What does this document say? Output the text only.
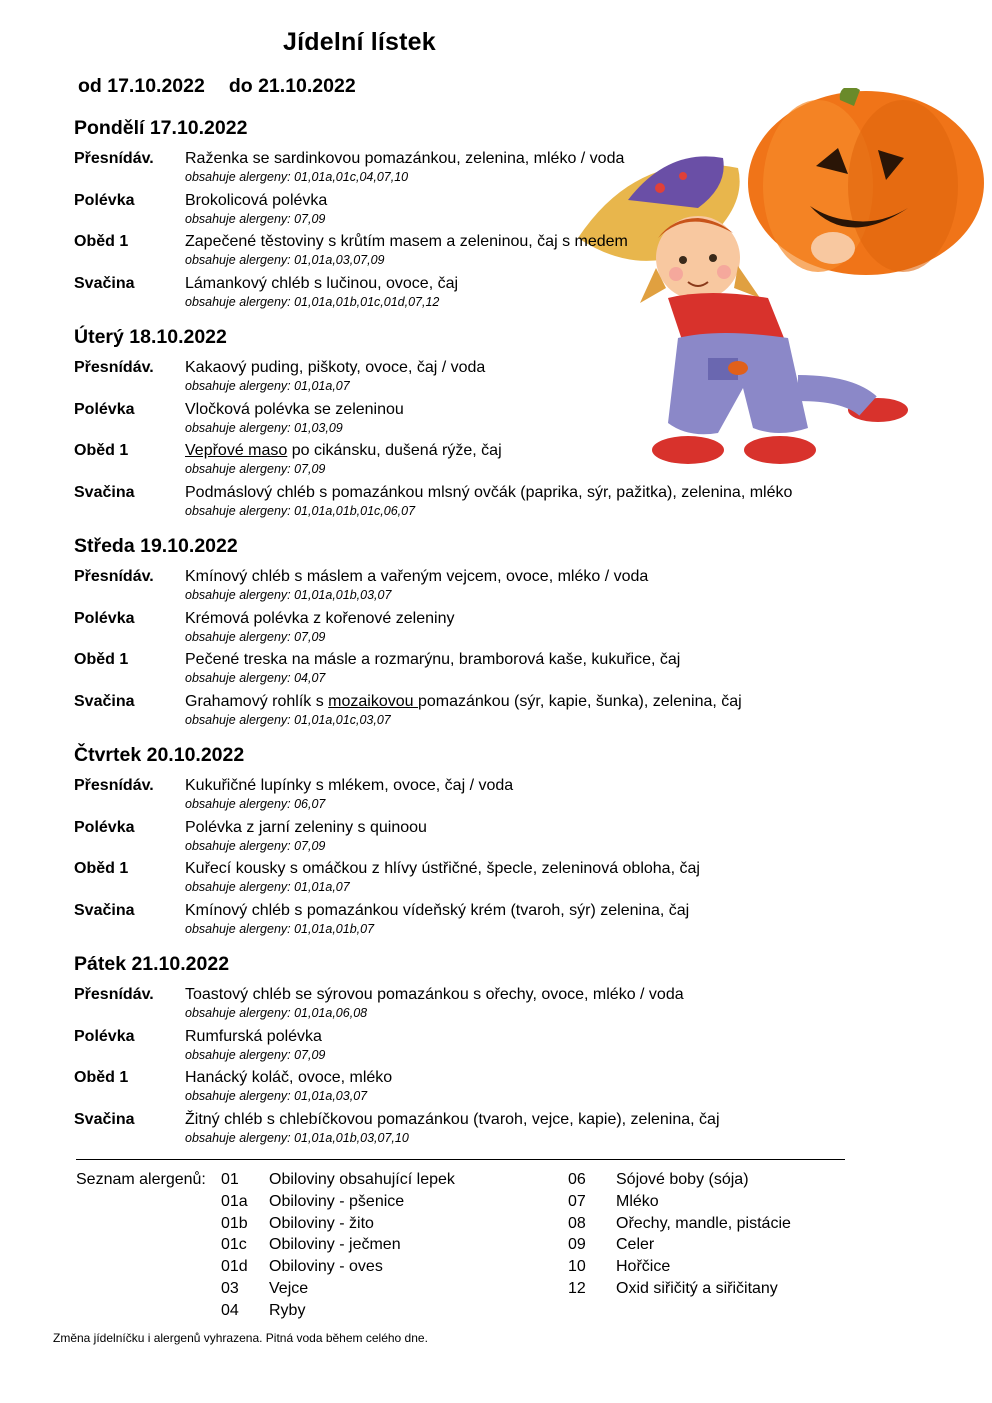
Jídelní lístek
od 17.10.2022 do 21.10.2022
Pondělí 17.10.2022
Přesnídáv. Raženka se sardinkovou pomazánkou, zelenina, mléko / voda
obsahuje alergeny: 01,01a,01c,04,07,10
Polévka	Brokolicová polévka
obsahuje alergeny: 07,09
Oběd 1	Zapečené těstoviny s krůtím masem a zeleninou, čaj s medem
obsahuje alergeny: 01,01a,03,07,09
Svačina	Lámankový chléb s lučinou, ovoce, čaj
obsahuje alergeny: 01,01a,01b,01c,01d,07,12
Úterý 18.10.2022
Přesnídáv. Kakaový puding, piškoty, ovoce, čaj / voda
obsahuje alergeny: 01,01a,07
Polévka	Vločková polévka se zeleninou
obsahuje alergeny: 01,03,09
Oběd 1	Vepřové maso po cikánsku, dušená rýže, čaj
obsahuje alergeny: 07,09
Svačina	Podmáslový chléb s pomazánkou mlsný ovčák (paprika, sýr, pažitka), zelenina, mléko
obsahuje alergeny: 01,01a,01b,01c,06,07
Středa 19.10.2022
Přesnídáv. Kmínový chléb s máslem a vařeným vejcem, ovoce, mléko / voda
obsahuje alergeny: 01,01a,01b,03,07
Polévka	Krémová polévka z kořenové zeleniny
obsahuje alergeny: 07,09
Oběd 1	Pečené treska na másle a rozmarýnu, bramborová kaše, kukuřice, čaj
obsahuje alergeny: 04,07
Svačina	Grahamový rohlík s mozaikovou pomazánkou (sýr, kapie, šunka), zelenina, čaj
obsahuje alergeny: 01,01a,01c,03,07
Čtvrtek 20.10.2022
Přesnídáv. Kukuřičné lupínky s mlékem, ovoce, čaj / voda
obsahuje alergeny: 06,07
Polévka	Polévka z jarní zeleniny s quinoou
obsahuje alergeny: 07,09
Oběd 1	Kuřecí kousky s omáčkou z hlívy ústřičné, špecle, zeleninová obloha, čaj
obsahuje alergeny: 01,01a,07
Svačina	Kmínový chléb s pomazánkou vídeňský krém (tvaroh, sýr) zelenina, čaj
obsahuje alergeny: 01,01a,01b,07
Pátek 21.10.2022
Přesnídáv. Toastový chléb se sýrovou pomazánkou s ořechy, ovoce, mléko / voda
obsahuje alergeny: 01,01a,06,08
Polévka	Rumfurská polévka
obsahuje alergeny: 07,09
Oběd 1	Hanácký koláč, ovoce, mléko
obsahuje alergeny: 01,01a,03,07
Svačina	Žitný chléb s chlebíčkovou pomazánkou (tvaroh, vejce, kapie), zelenina, čaj
obsahuje alergeny: 01,01a,01b,03,07,10
Seznam alergenů: 01 Obiloviny obsahující lepek
01a Obiloviny - pšenice
01b Obiloviny - žito
01c Obiloviny - ječmen
01d Obiloviny - oves
03 Vejce
04 Ryby
06 Sójové boby (sója)
07 Mléko
08 Ořechy, mandle, pistácie
09 Celer
10 Hořčice
12 Oxid siřičitý a siřičitany
Změna jídelníčku i alergenů vyhrazena. Pitná voda během celého dne.
